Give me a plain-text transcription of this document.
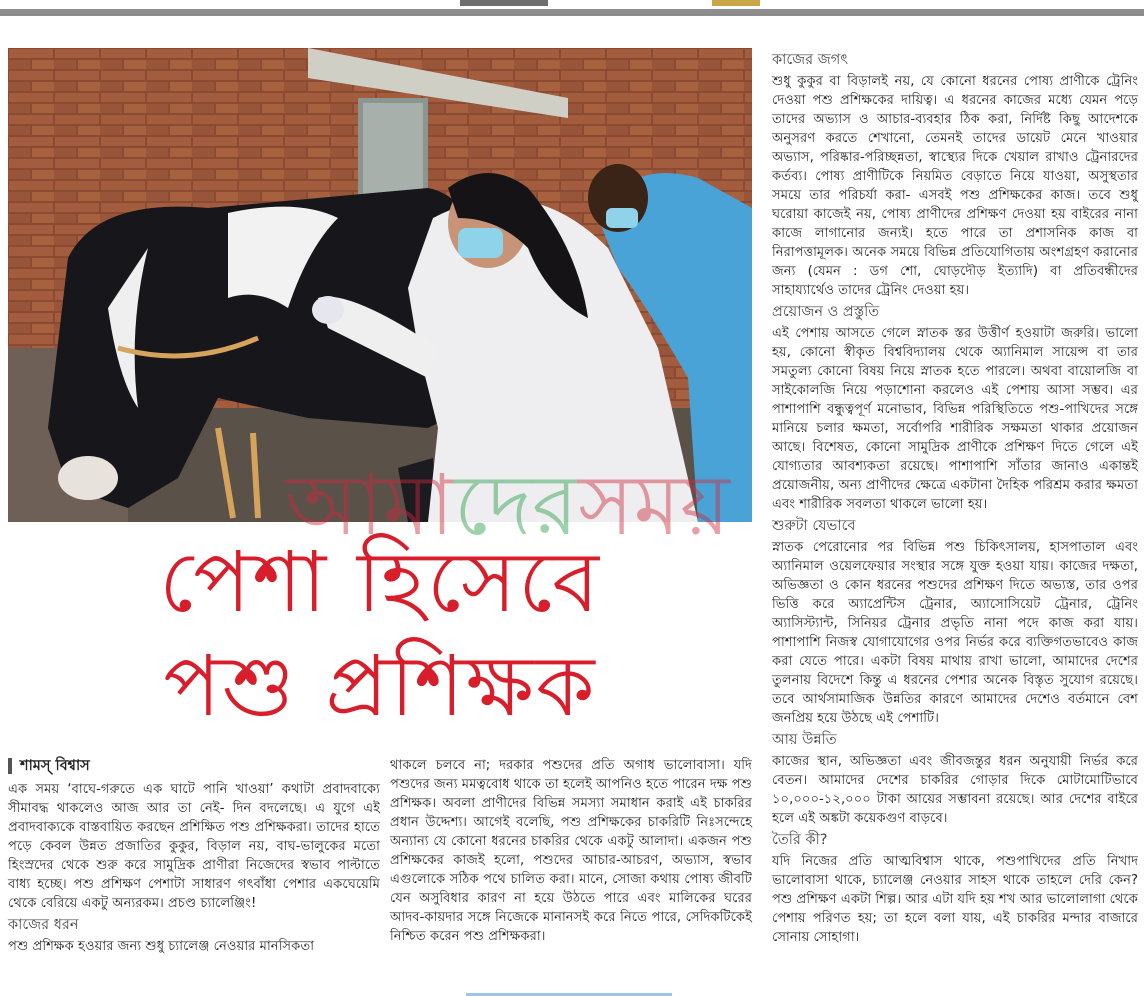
আমাদেরসময়
পেশা হিসেবে
পশু প্রশিক্ষক
কাজের জগৎ

শুধু কুকুর বা বিড়ালই নয়, যে কোনো ধরনের পোষ্য প্রাণীকে ট্রেনিং দেওয়া পশু প্রশিক্ষকের দায়িত্ব। এ ধরনের কাজের মধ্যে যেমন পড়ে তাদের অভ্যাস ও আচার-ব্যবহার ঠিক করা, নির্দিষ্ট কিছু আদেশকে অনুসরণ করতে শেখানো, তেমনই তাদের ডায়েট মেনে খাওয়ার অভ্যাস, পরিষ্কার-পরিচ্ছন্নতা, স্বাস্থ্যের দিকে খেয়াল রাখাও ট্রেনারদের কর্তব্য। পোষ্য প্রাণীটিকে নিয়মিত বেড়াতে নিয়ে যাওয়া, অসুস্থতার সময়ে তার পরিচর্যা করা- এসবই পশু প্রশিক্ষকের কাজ। তবে শুধু ঘরোয়া কাজেই নয়, পোষ্য প্রাণীদের প্রশিক্ষণ দেওয়া হয় বাইরের নানা কাজে লাগানোর জন্যই। হতে পারে তা প্রশাসনিক কাজ বা নিরাপত্তামূলক। অনেক সময়ে বিভিন্ন প্রতিযোগিতায় অংশগ্রহণ করানোর জন্য (যেমন : ডগ শো, ঘোড়দৌড় ইত্যাদি) বা প্রতিবন্ধীদের সাহায্যার্থেও তাদের ট্রেনিং দেওয়া হয়।

প্রয়োজন ও প্রস্তুতি

এই পেশায় আসতে গেলে স্নাতক স্তর উত্তীর্ণ হওয়াটা জরুরি। ভালো হয়, কোনো স্বীকৃত বিশ্ববিদ্যালয় থেকে অ্যানিমাল সায়েন্স বা তার সমতুল্য কোনো বিষয় নিয়ে স্নাতক হতে পারলে। অথবা বায়োলজি বা সাইকোলজি নিয়ে পড়াশোনা করলেও এই পেশায় আসা সম্ভব। এর পাশাপাশি বন্ধুত্বপূর্ণ মনোভাব, বিভিন্ন পরিস্থিতিতে পশু-পাখিদের সঙ্গে মানিয়ে চলার ক্ষমতা, সর্বোপরি শারীরিক সক্ষমতা থাকার প্রয়োজন আছে। বিশেষত, কোনো সামুদ্রিক প্রাণীকে প্রশিক্ষণ দিতে গেলে এই যোগ্যতার আবশ্যকতা রয়েছে। পাশাপাশি সাঁতার জানাও একান্তই প্রয়োজনীয়, অন্য প্রাণীদের ক্ষেত্রে একটানা দৈহিক পরিশ্রম করার ক্ষমতা এবং শারীরিক সবলতা থাকলে ভালো হয়।

শুরুটা যেভাবে

স্নাতক পেরোনোর পর বিভিন্ন পশু চিকিৎসালয়, হাসপাতাল এবং অ্যানিমাল ওয়েলফেয়ার সংস্থার সঙ্গে যুক্ত হওয়া যায়। কাজের দক্ষতা, অভিজ্ঞতা ও কোন ধরনের পশুদের প্রশিক্ষণ দিতে অভ্যস্ত, তার ওপর ভিত্তি করে অ্যাপ্রেন্টিস ট্রেনার, অ্যাসোসিয়েট ট্রেনার, ট্রেনিং অ্যাসিস্ট্যান্ট, সিনিয়র ট্রেনার প্রভৃতি নানা পদে কাজ করা যায়। পাশাপাশি নিজস্ব যোগাযোগের ওপর নির্ভর করে ব্যক্তিগতভাবেও কাজ করা যেতে পারে। একটা বিষয় মাথায় রাখা ভালো, আমাদের দেশের তুলনায় বিদেশে কিন্তু এ ধরনের পেশার অনেক বিস্তৃত সুযোগ রয়েছে। তবে আর্থসামাজিক উন্নতির কারণে আমাদের দেশেও বর্তমানে বেশ জনপ্রিয় হয়ে উঠছে এই পেশাটি।

আয় উন্নতি

কাজের স্থান, অভিজ্ঞতা এবং জীবজন্তুর ধরন অনুযায়ী নির্ভর করে বেতন। আমাদের দেশের চাকরির গোড়ার দিকে মোটামোটিভাবে ১০,০০০-১২,০০০ টাকা আয়ের সম্ভাবনা রয়েছে। আর দেশের বাইরে হলে এই অঙ্কটা কয়েকগুণ বাড়বে।

তৈরি কী?

যদি নিজের প্রতি আত্মবিশ্বাস থাকে, পশুপাখিদের প্রতি নিখাদ ভালোবাসা থাকে, চ্যালেঞ্জ নেওয়ার সাহস থাকে তাহলে দেরি কেন? পশু প্রশিক্ষণ একটা শিল্প। আর এটা যদি হয় শখ আর ভালোলাগা থেকে পেশায় পরিণত হয়; তা হলে বলা যায়, এই চাকরির মন্দার বাজারে সোনায় সোহাগা।

শামস্ বিশ্বাস

এক সময় ‘বাঘে-গরুতে এক ঘাটে পানি খাওয়া’ কথাটা প্রবাদবাক্যে সীমাবদ্ধ থাকলেও আজ আর তা নেই- দিন বদলেছে। এ যুগে এই প্রবাদবাক্যকে বাস্তবায়িত করছেন প্রশিক্ষিত পশু প্রশিক্ষকরা। তাদের হাতে পড়ে কেবল উন্নত প্রজাতির কুকুর, বিড়াল নয়, বাঘ-ভালুকের মতো হিংস্রদের থেকে শুরু করে সামুদ্রিক প্রাণীরা নিজেদের স্বভাব পাল্টাতে বাধ্য হচ্ছে। পশু প্রশিক্ষণ পেশাটা সাধারণ গৎবাঁধা পেশার একঘেয়েমি থেকে বেরিয়ে একটু অন্যরকম। প্রচণ্ড চ্যালেঞ্জিং!

কাজের ধরন

পশু প্রশিক্ষক হওয়ার জন্য শুধু চ্যালেঞ্জ নেওয়ার মানসিকতা

থাকলে চলবে না; দরকার পশুদের প্রতি অগাধ ভালোবাসা। যদি পশুদের জন্য মমত্ববোধ থাকে তা হলেই আপনিও হতে পারেন দক্ষ পশু প্রশিক্ষক। অবলা প্রাণীদের বিভিন্ন সমস্যা সমাধান করাই এই চাকরির প্রধান উদ্দেশ্য। আগেই বলেছি, পশু প্রশিক্ষকের চাকরিটি নিঃসন্দেহে অন্যান্য যে কোনো ধরনের চাকরির থেকে একটু আলাদা। একজন পশু প্রশিক্ষকের কাজই হলো, পশুদের আচার-আচরণ, অভ্যাস, স্বভাব এগুলোকে সঠিক পথে চালিত করা। মানে, সোজা কথায় পোষ্য জীবটি যেন অসুবিধার কারণ না হয়ে উঠতে পারে এবং মালিকের ঘরের আদব-কায়দার সঙ্গে নিজেকে মানানসই করে নিতে পারে, সেদিকটিকেই নিশ্চিত করেন পশু প্রশিক্ষকরা।
